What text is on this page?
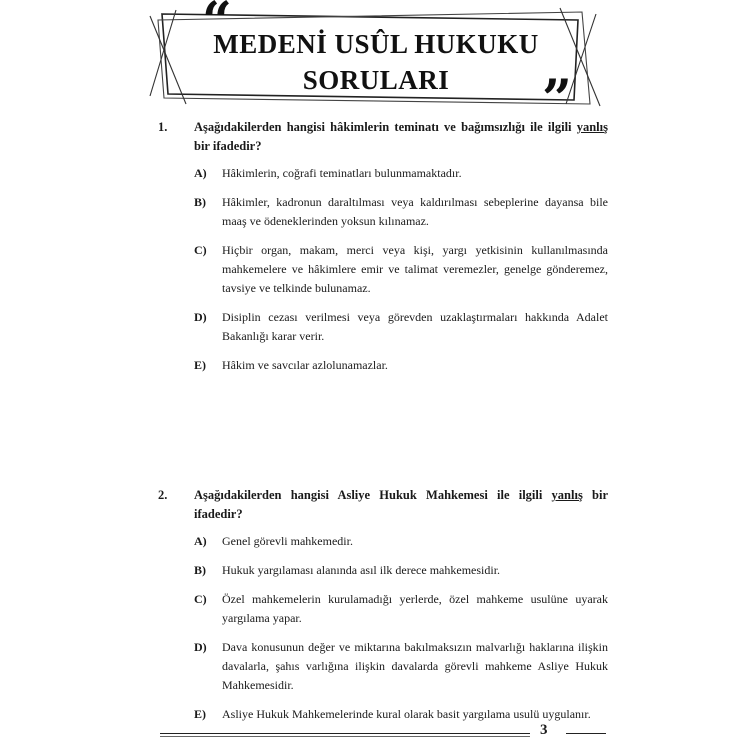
“
MEDENİ USÛL HUKUKU
SORULARI	”
1.	Aşağıdakilerden hangisi hâkimlerin teminatı ve bağımsızlığı ile ilgili yanlış bir ifadedir?
A)	Hâkimlerin, coğrafi teminatları bulunmamaktadır.
B)	Hâkimler, kadronun daraltılması veya kaldırılması sebeplerine dayansa bile maaş ve ödeneklerinden yoksun kılınamaz.
C)	Hiçbir organ, makam, merci veya kişi, yargı yetkisinin kullanılmasında mahkemelere ve hâkimlere emir ve talimat veremezler, genelge gönderemez, tavsiye ve telkinde bulunamaz.
D)	Disiplin cezası verilmesi veya görevden uzaklaştırmaları hakkında Adalet Bakanlığı karar verir.
E)	Hâkim ve savcılar azlolunamazlar.
2.	Aşağıdakilerden hangisi Asliye Hukuk Mahkemesi ile ilgili yanlış bir ifadedir?
A)	Genel görevli mahkemedir.
B)	Hukuk yargılaması alanında asıl ilk derece mahkemesidir.
C)	Özel mahkemelerin kurulamadığı yerlerde, özel mahkeme usulüne uyarak yargılama yapar.
D)	Dava konusunun değer ve miktarına bakılmaksızın malvarlığı haklarına ilişkin davalarla, şahıs varlığına ilişkin davalarda görevli mahkeme Asliye Hukuk Mahkemesidir.
E)	Asliye Hukuk Mahkemelerinde kural olarak basit yargılama usulü uygulanır.
3
